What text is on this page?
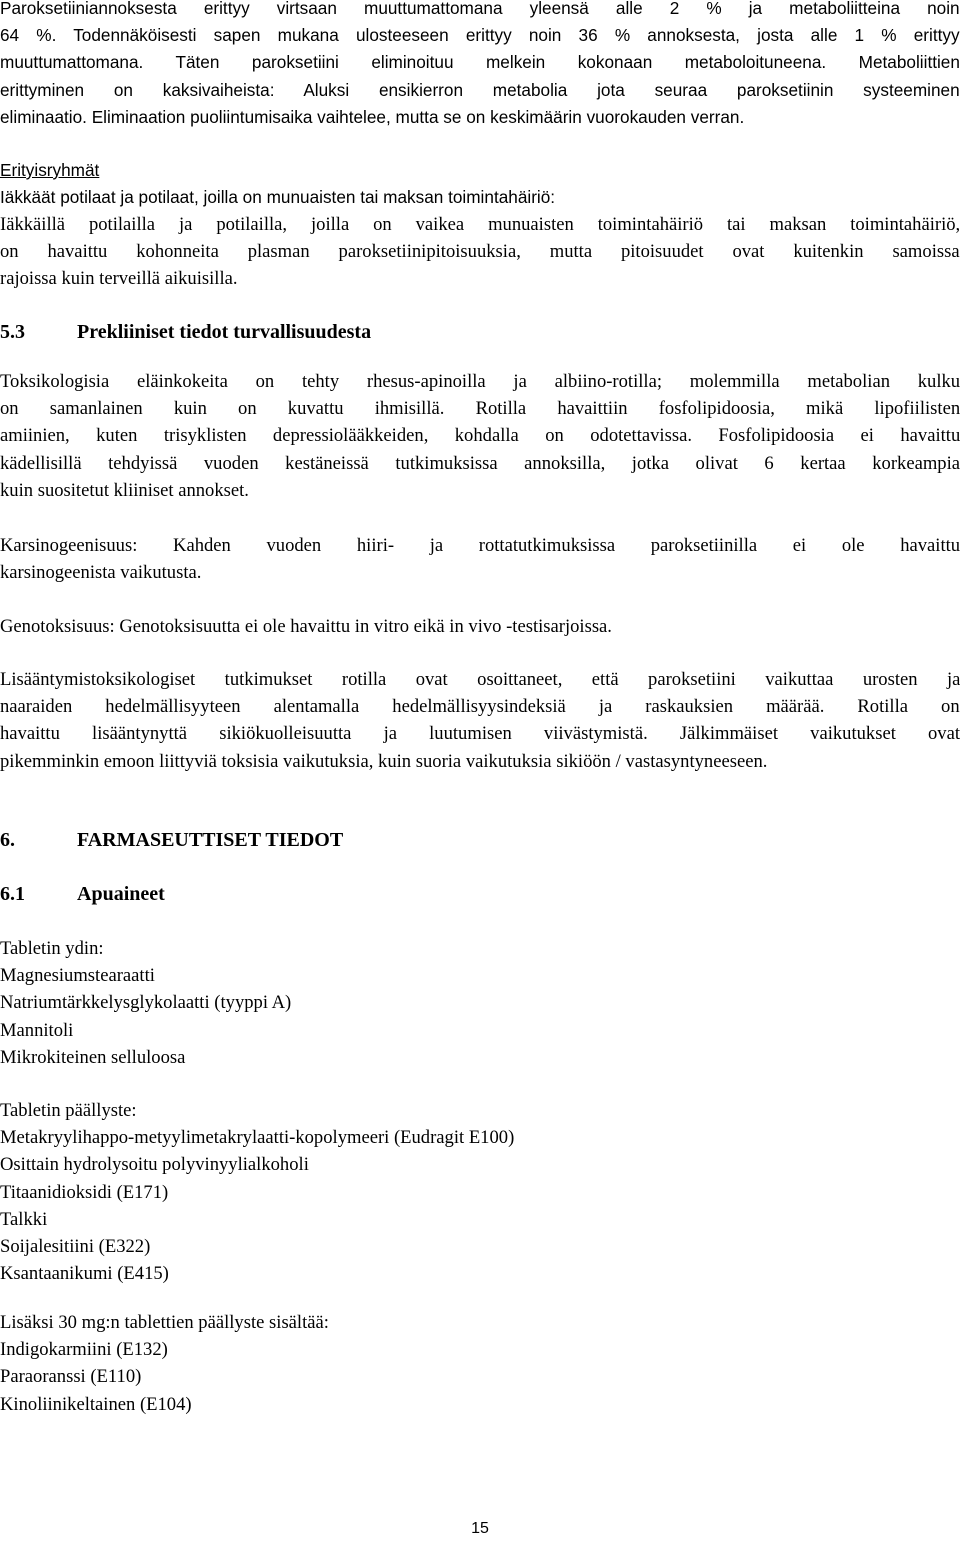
Paroksetiiniannoksesta erittyy virtsaan muuttumattomana yleensä alle 2 % ja metaboliitteina noin
64 %. Todennäköisesti sapen mukana ulosteeseen erittyy noin 36 % annoksesta, josta alle 1 % erittyy
muuttumattomana. Täten paroksetiini eliminoituu melkein kokonaan metaboloituneena. Metaboliittien
erittyminen on kaksivaiheista: Aluksi ensikierron metabolia jota seuraa paroksetiinin systeeminen
eliminaatio. Eliminaation puoliintumisaika vaihtelee, mutta se on keskimäärin vuorokauden verran.

Erityisryhmät
Iäkkäät potilaat ja potilaat, joilla on munuaisten tai maksan toimintahäiriö:

Iäkkäillä potilailla ja potilailla, joilla on vaikea munuaisten toimintahäiriö tai maksan toimintahäiriö,
on havaittu kohonneita plasman paroksetiinipitoisuuksia, mutta pitoisuudet ovat kuitenkin samoissa
rajoissa kuin terveillä aikuisilla.

5.3	Prekliiniset tiedot turvallisuudesta

Toksikologisia eläinkokeita on tehty rhesus-apinoilla ja albiino-rotilla; molemmilla metabolian kulku
on samanlainen kuin on kuvattu ihmisillä. Rotilla havaittiin fosfolipidoosia, mikä lipofiilisten
amiinien, kuten trisyklisten depressiolääkkeiden, kohdalla on odotettavissa. Fosfolipidoosia ei havaittu
kädellisillä tehdyissä vuoden kestäneissä tutkimuksissa annoksilla, jotka olivat 6 kertaa korkeampia
kuin suositetut kliiniset annokset.

Karsinogeenisuus: Kahden vuoden hiiri- ja rottatutkimuksissa paroksetiinilla ei ole havaittu
karsinogeenista vaikutusta.

Genotoksisuus: Genotoksisuutta ei ole havaittu in vitro eikä in vivo -testisarjoissa.

Lisääntymistoksikologiset tutkimukset rotilla ovat osoittaneet, että paroksetiini vaikuttaa urosten ja
naaraiden hedelmällisyyteen alentamalla hedelmällisyysindeksiä ja raskauksien määrää. Rotilla on
havaittu lisääntynyttä sikiökuolleisuutta ja luutumisen viivästymistä. Jälkimmäiset vaikutukset ovat
pikemminkin emoon liittyviä toksisia vaikutuksia, kuin suoria vaikutuksia sikiöön / vastasyntyneeseen.

6.	FARMASEUTTISET TIEDOT
6.1	Apuaineet
Tabletin ydin:
Magnesiumstearaatti
Natriumtärkkelysglykolaatti (tyyppi A)
Mannitoli
Mikrokiteinen selluloosa
Tabletin päällyste:
Metakryylihappo-metyylimetakrylaatti-kopolymeeri (Eudragit E100)
Osittain hydrolysoitu polyvinyylialkoholi
Titaanidioksidi (E171)
Talkki
Soijalesitiini (E322)
Ksantaanikumi (E415)
Lisäksi 30 mg:n tablettien päällyste sisältää:
Indigokarmiini (E132)
Paraoranssi (E110)
Kinoliinikeltainen (E104)
15
